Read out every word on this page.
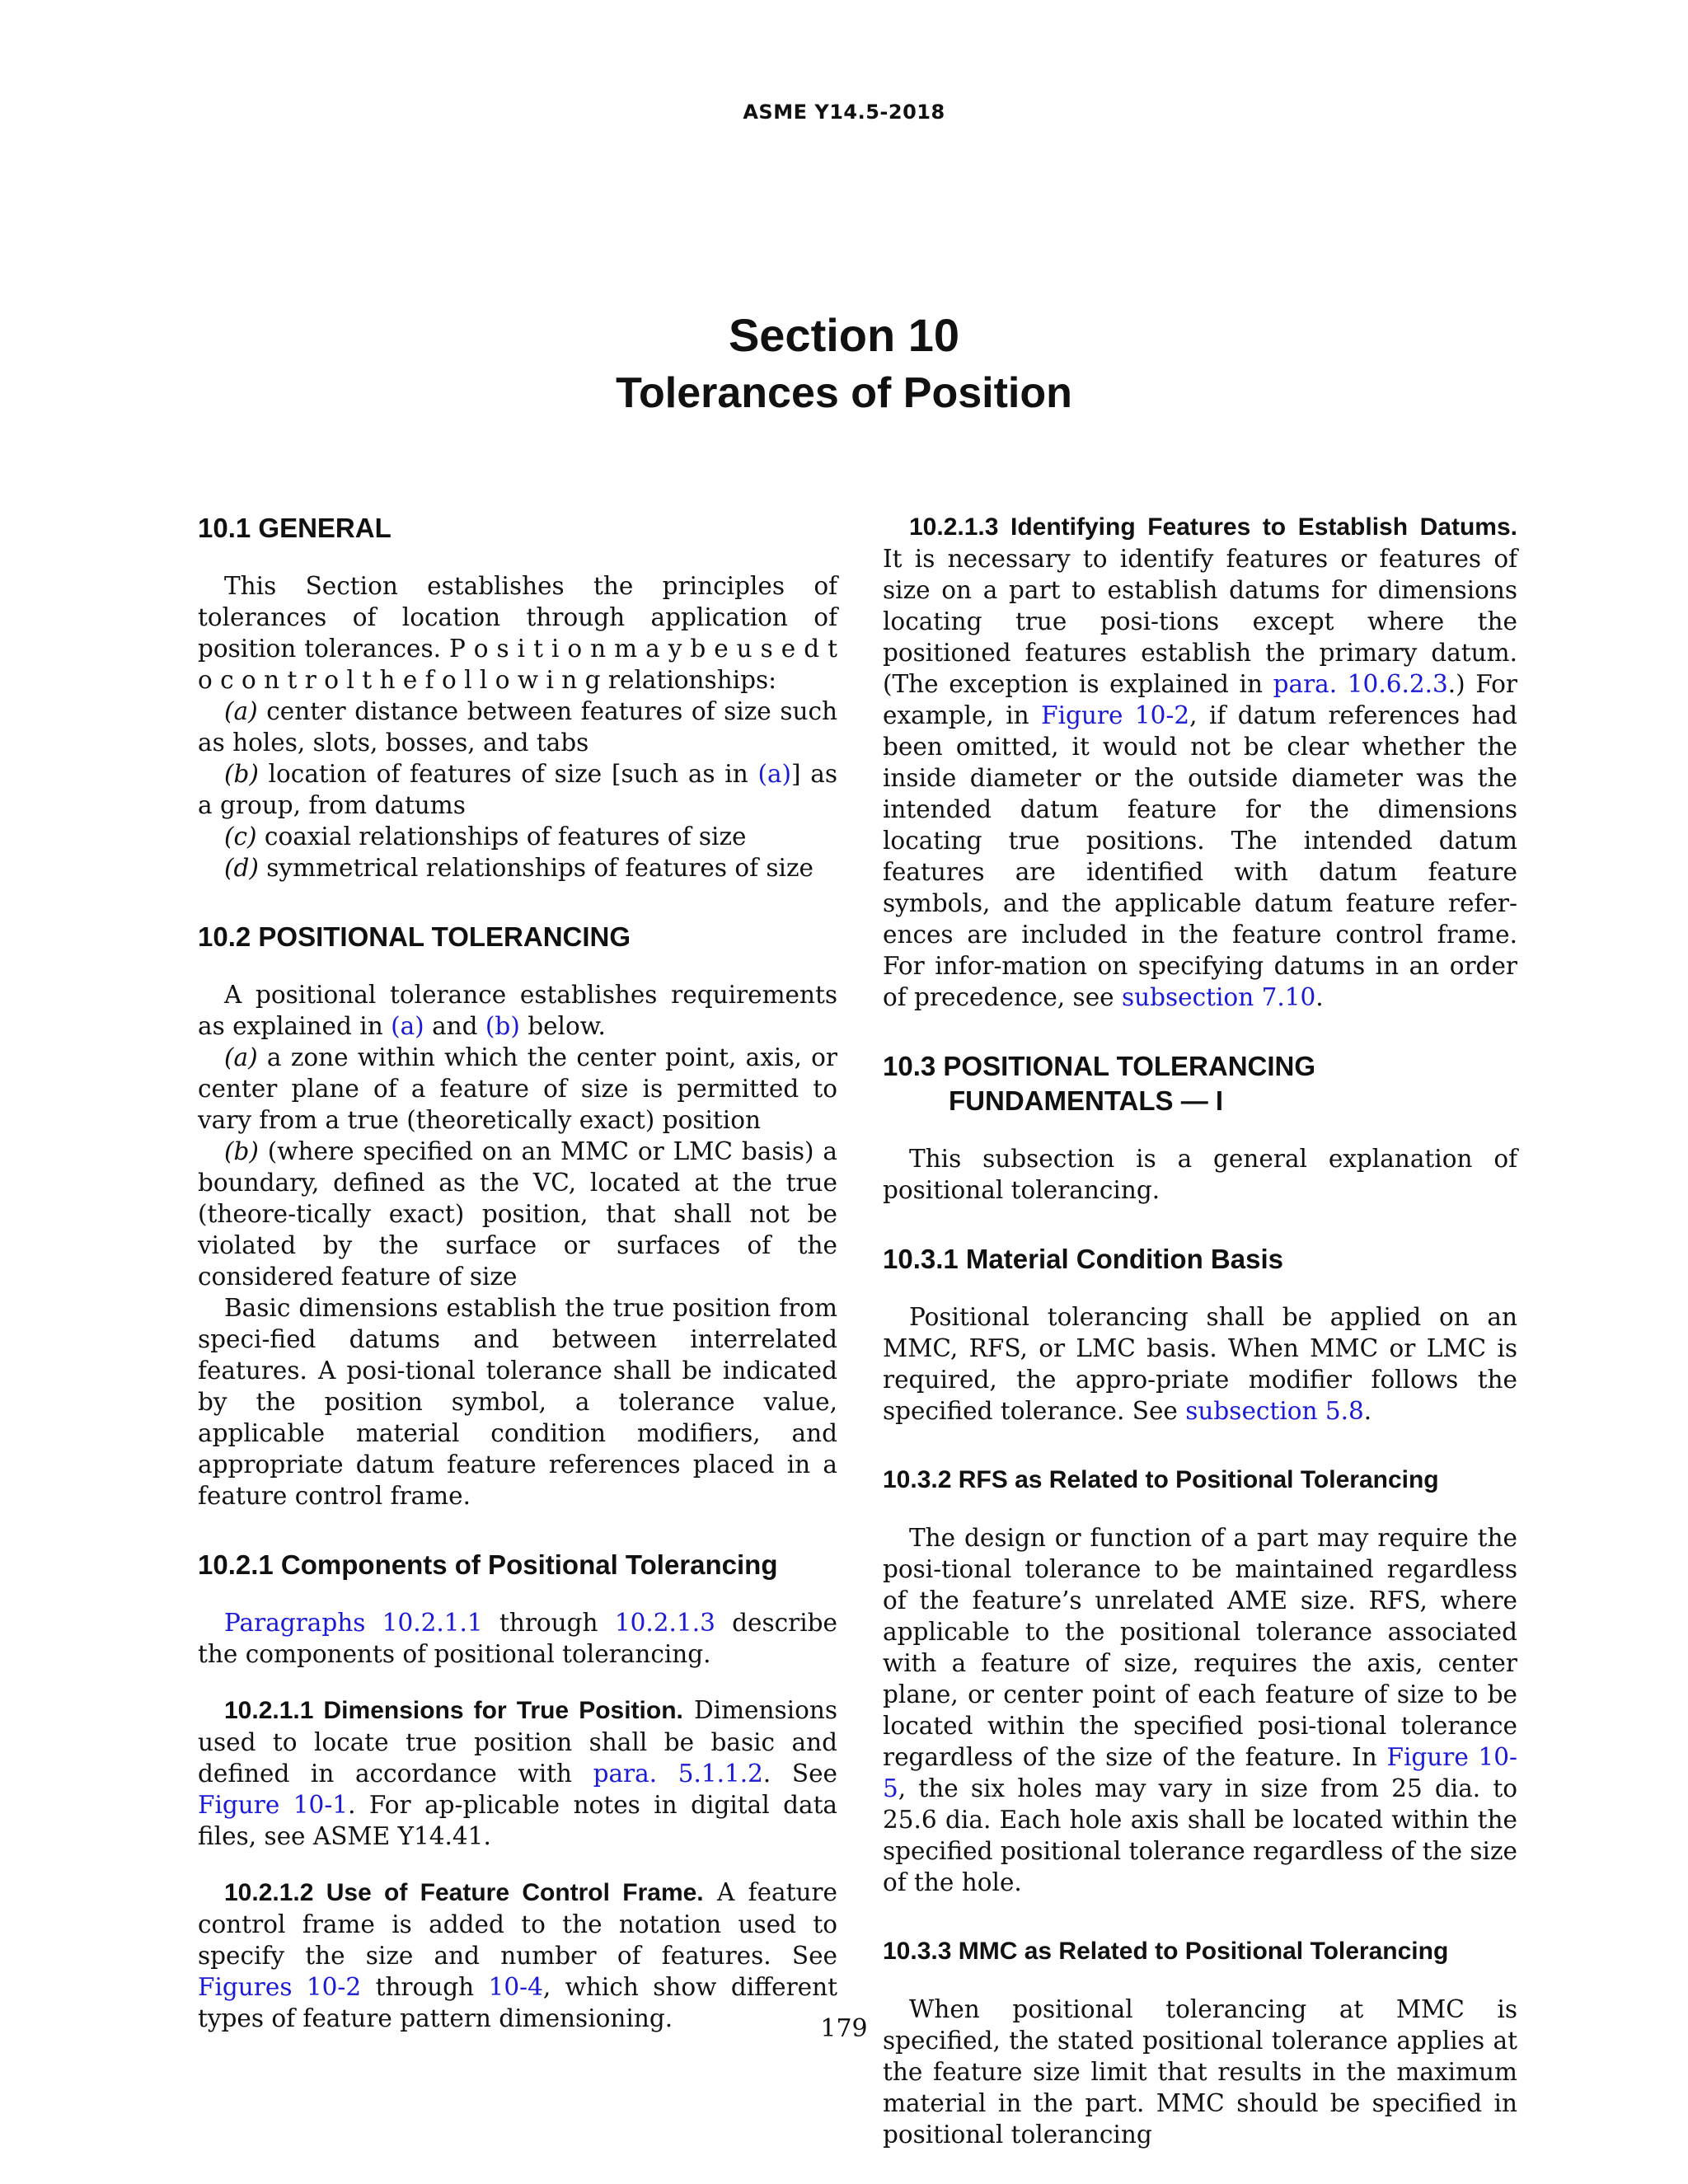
ASME Y14.5-2018
Section 10
Tolerances of Position
10.1 GENERAL

This Section establishes the principles of tolerances of location through application of position tolerances. P o s i t i o n m a y b e u s e d t o c o n t r o l t h e f o l l o w i n g relationships:

(a) center distance between features of size such as holes, slots, bosses, and tabs

(b) location of features of size [such as in (a)] as a group, from datums

(c) coaxial relationships of features of size

(d) symmetrical relationships of features of size

10.2 POSITIONAL TOLERANCING

A positional tolerance establishes requirements as explained in (a) and (b) below.

(a) a zone within which the center point, axis, or center plane of a feature of size is permitted to vary from a true (theoretically exact) position

(b) (where specified on an MMC or LMC basis) a boundary, defined as the VC, located at the true (theore-tically exact) position, that shall not be violated by the surface or surfaces of the considered feature of size

Basic dimensions establish the true position from speci-fied datums and between interrelated features. A posi-tional tolerance shall be indicated by the position symbol, a tolerance value, applicable material condition modifiers, and appropriate datum feature references placed in a feature control frame.

10.2.1 Components of Positional Tolerancing

Paragraphs 10.2.1.1 through 10.2.1.3 describe the components of positional tolerancing.

10.2.1.1 Dimensions for True Position. Dimensions used to locate true position shall be basic and defined in accordance with para. 5.1.1.2. See Figure 10-1. For ap-plicable notes in digital data files, see ASME Y14.41.

10.2.1.2 Use of Feature Control Frame. A feature control frame is added to the notation used to specify the size and number of features. See Figures 10-2 through 10-4, which show different types of feature pattern dimensioning.

10.2.1.3 Identifying Features to Establish Datums. It is necessary to identify features or features of size on a part to establish datums for dimensions locating true posi-tions except where the positioned features establish the primary datum. (The exception is explained in para. 10.6.2.3.) For example, in Figure 10-2, if datum references had been omitted, it would not be clear whether the inside diameter or the outside diameter was the intended datum feature for the dimensions locating true positions. The intended datum features are identified with datum feature symbols, and the applicable datum feature refer-ences are included in the feature control frame. For infor-mation on specifying datums in an order of precedence, see subsection 7.10.

10.3 POSITIONAL TOLERANCING

FUNDAMENTALS — I

This subsection is a general explanation of positional tolerancing.

10.3.1 Material Condition Basis

Positional tolerancing shall be applied on an MMC, RFS, or LMC basis. When MMC or LMC is required, the appro-priate modifier follows the specified tolerance. See subsection 5.8.

10.3.2 RFS as Related to Positional Tolerancing

The design or function of a part may require the posi-tional tolerance to be maintained regardless of the feature’s unrelated AME size. RFS, where applicable to the positional tolerance associated with a feature of size, requires the axis, center plane, or center point of each feature of size to be located within the specified posi-tional tolerance regardless of the size of the feature. In Figure 10-5, the six holes may vary in size from 25 dia. to 25.6 dia. Each hole axis shall be located within the specified positional tolerance regardless of the size of the hole.

10.3.3 MMC as Related to Positional Tolerancing

When positional tolerancing at MMC is specified, the stated positional tolerance applies at the feature size limit that results in the maximum material in the part. MMC should be specified in positional tolerancing

179
